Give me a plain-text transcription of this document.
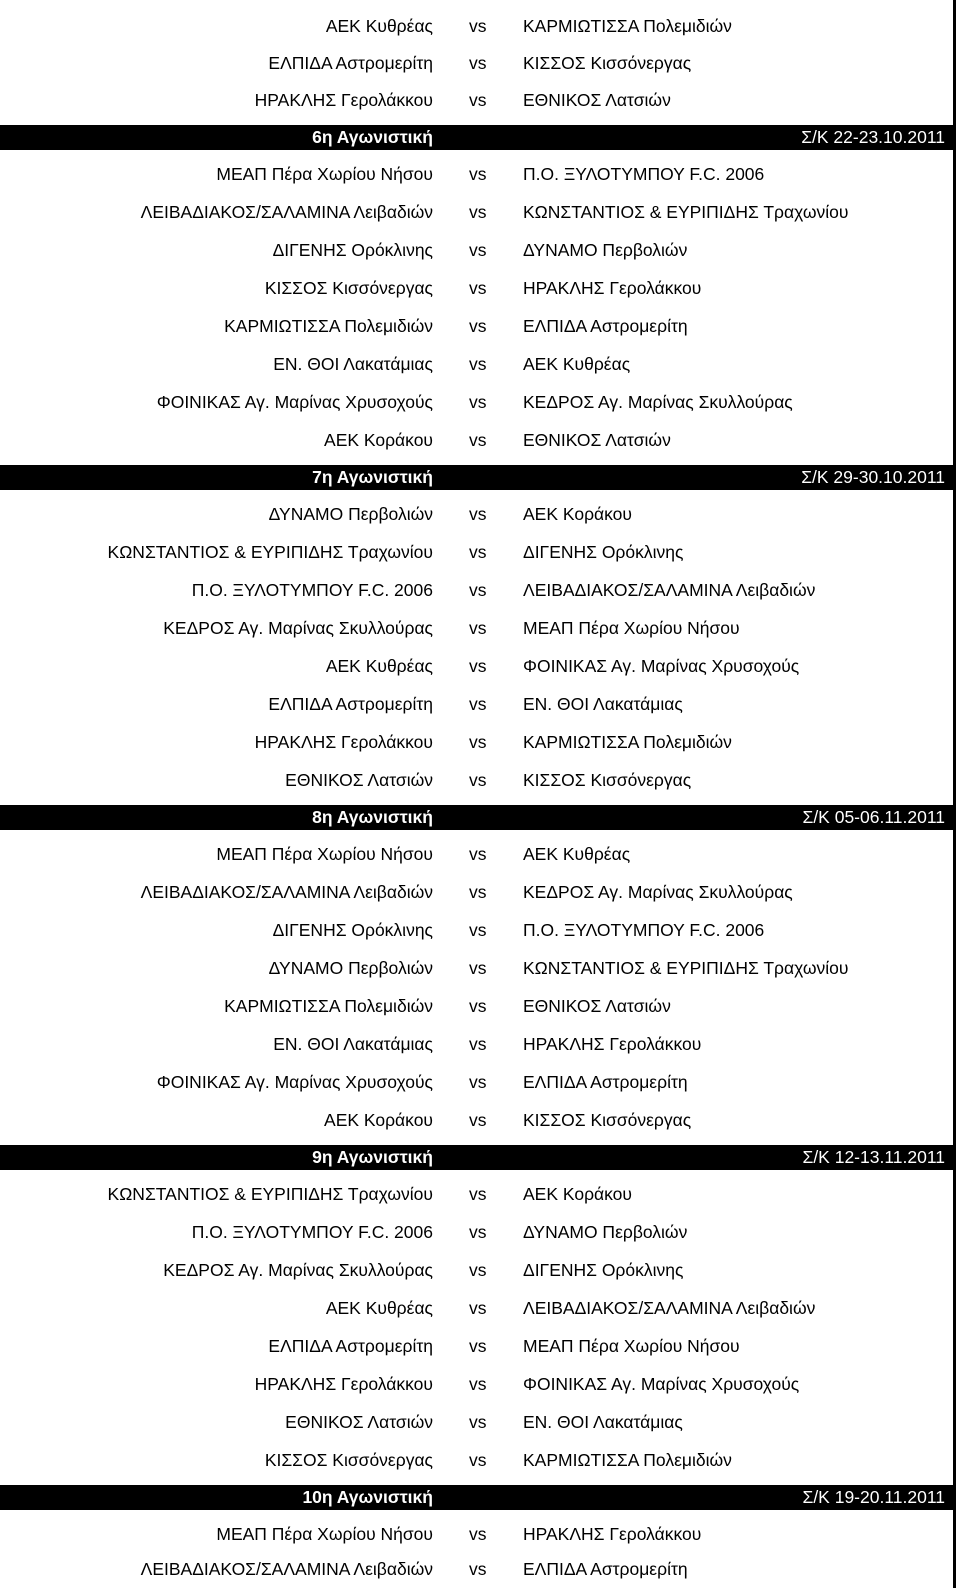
ΑΕΚ Κυθρέας vs ΚΑΡΜΙΩΤΙΣΣΑ Πολεμιδιών
ΕΛΠΙΔΑ Αστρομερίτη vs ΚΙΣΣΟΣ Κισσόνεργας
ΗΡΑΚΛΗΣ Γερολάκκου vs ΕΘΝΙΚΟΣ Λατσιών
6η Αγωνιστική	Σ/Κ 22-23.10.2011
ΜΕΑΠ Πέρα Χωρίου Νήσου vs Π.Ο. ΞΥΛΟΤΥΜΠΟΥ F.C. 2006
ΛΕΙΒΑΔΙΑΚΟΣ/ΣΑΛΑΜΙΝΑ Λειβαδιών vs ΚΩΝΣΤΑΝΤΙΟΣ & ΕΥΡΙΠΙΔΗΣ Τραχωνίου
ΔΙΓΕΝΗΣ Ορόκλινης vs ΔΥΝΑΜΟ Περβολιών
ΚΙΣΣΟΣ Κισσόνεργας vs ΗΡΑΚΛΗΣ Γερολάκκου
ΚΑΡΜΙΩΤΙΣΣΑ Πολεμιδιών vs ΕΛΠΙΔΑ Αστρομερίτη
ΕΝ. ΘΟΙ Λακατάμιας vs ΑΕΚ Κυθρέας
ΦΟΙΝΙΚΑΣ Αγ. Μαρίνας Χρυσοχούς vs ΚΕΔΡΟΣ Αγ. Μαρίνας Σκυλλούρας
ΑΕΚ Κοράκου vs ΕΘΝΙΚΟΣ Λατσιών
7η Αγωνιστική	Σ/Κ 29-30.10.2011
ΔΥΝΑΜΟ Περβολιών vs ΑΕΚ Κοράκου
ΚΩΝΣΤΑΝΤΙΟΣ & ΕΥΡΙΠΙΔΗΣ Τραχωνίου vs ΔΙΓΕΝΗΣ Ορόκλινης
Π.Ο. ΞΥΛΟΤΥΜΠΟΥ F.C. 2006 vs ΛΕΙΒΑΔΙΑΚΟΣ/ΣΑΛΑΜΙΝΑ Λειβαδιών
ΚΕΔΡΟΣ Αγ. Μαρίνας Σκυλλούρας vs ΜΕΑΠ Πέρα Χωρίου Νήσου
ΑΕΚ Κυθρέας vs ΦΟΙΝΙΚΑΣ Αγ. Μαρίνας Χρυσοχούς
ΕΛΠΙΔΑ Αστρομερίτη vs ΕΝ. ΘΟΙ Λακατάμιας
ΗΡΑΚΛΗΣ Γερολάκκου vs ΚΑΡΜΙΩΤΙΣΣΑ Πολεμιδιών
ΕΘΝΙΚΟΣ Λατσιών vs ΚΙΣΣΟΣ Κισσόνεργας
8η Αγωνιστική	Σ/Κ 05-06.11.2011
ΜΕΑΠ Πέρα Χωρίου Νήσου vs ΑΕΚ Κυθρέας
ΛΕΙΒΑΔΙΑΚΟΣ/ΣΑΛΑΜΙΝΑ Λειβαδιών vs ΚΕΔΡΟΣ Αγ. Μαρίνας Σκυλλούρας
ΔΙΓΕΝΗΣ Ορόκλινης vs Π.Ο. ΞΥΛΟΤΥΜΠΟΥ F.C. 2006
ΔΥΝΑΜΟ Περβολιών vs ΚΩΝΣΤΑΝΤΙΟΣ & ΕΥΡΙΠΙΔΗΣ Τραχωνίου
ΚΑΡΜΙΩΤΙΣΣΑ Πολεμιδιών vs ΕΘΝΙΚΟΣ Λατσιών
ΕΝ. ΘΟΙ Λακατάμιας vs ΗΡΑΚΛΗΣ Γερολάκκου
ΦΟΙΝΙΚΑΣ Αγ. Μαρίνας Χρυσοχούς vs ΕΛΠΙΔΑ Αστρομερίτη
ΑΕΚ Κοράκου vs ΚΙΣΣΟΣ Κισσόνεργας
9η Αγωνιστική	Σ/Κ 12-13.11.2011
ΚΩΝΣΤΑΝΤΙΟΣ & ΕΥΡΙΠΙΔΗΣ Τραχωνίου vs ΑΕΚ Κοράκου
Π.Ο. ΞΥΛΟΤΥΜΠΟΥ F.C. 2006 vs ΔΥΝΑΜΟ Περβολιών
ΚΕΔΡΟΣ Αγ. Μαρίνας Σκυλλούρας vs ΔΙΓΕΝΗΣ Ορόκλινης
ΑΕΚ Κυθρέας vs ΛΕΙΒΑΔΙΑΚΟΣ/ΣΑΛΑΜΙΝΑ Λειβαδιών
ΕΛΠΙΔΑ Αστρομερίτη vs ΜΕΑΠ Πέρα Χωρίου Νήσου
ΗΡΑΚΛΗΣ Γερολάκκου vs ΦΟΙΝΙΚΑΣ Αγ. Μαρίνας Χρυσοχούς
ΕΘΝΙΚΟΣ Λατσιών vs ΕΝ. ΘΟΙ Λακατάμιας
ΚΙΣΣΟΣ Κισσόνεργας vs ΚΑΡΜΙΩΤΙΣΣΑ Πολεμιδιών
10η Αγωνιστική	Σ/Κ 19-20.11.2011
ΜΕΑΠ Πέρα Χωρίου Νήσου vs ΗΡΑΚΛΗΣ Γερολάκκου
ΛΕΙΒΑΔΙΑΚΟΣ/ΣΑΛΑΜΙΝΑ Λειβαδιών vs ΕΛΠΙΔΑ Αστρομερίτη
